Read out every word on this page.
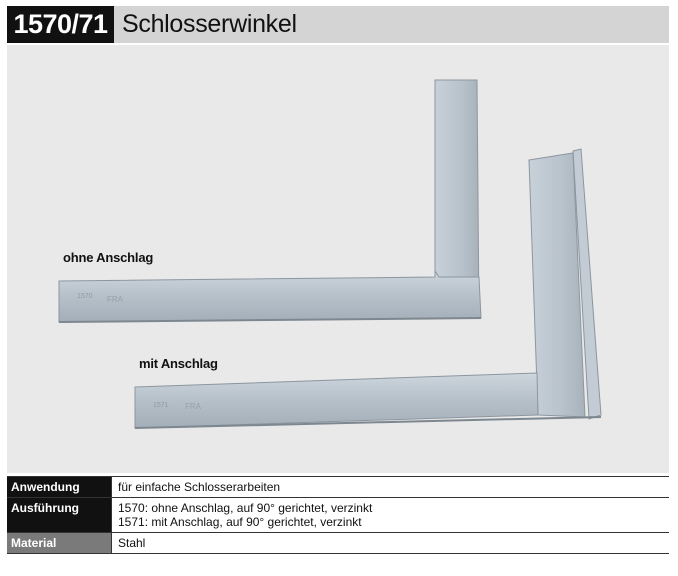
1570/71 Schlosserwinkel
1570 FRA
1571 FRA
ohne Anschlag
mit Anschlag
Anwendung	für einfache Schlosserarbeiten
Ausführung	1570: ohne Anschlag, auf 90° gerichtet, verzinkt
1571: mit Anschlag, auf 90° gerichtet, verzinkt
Material	Stahl
